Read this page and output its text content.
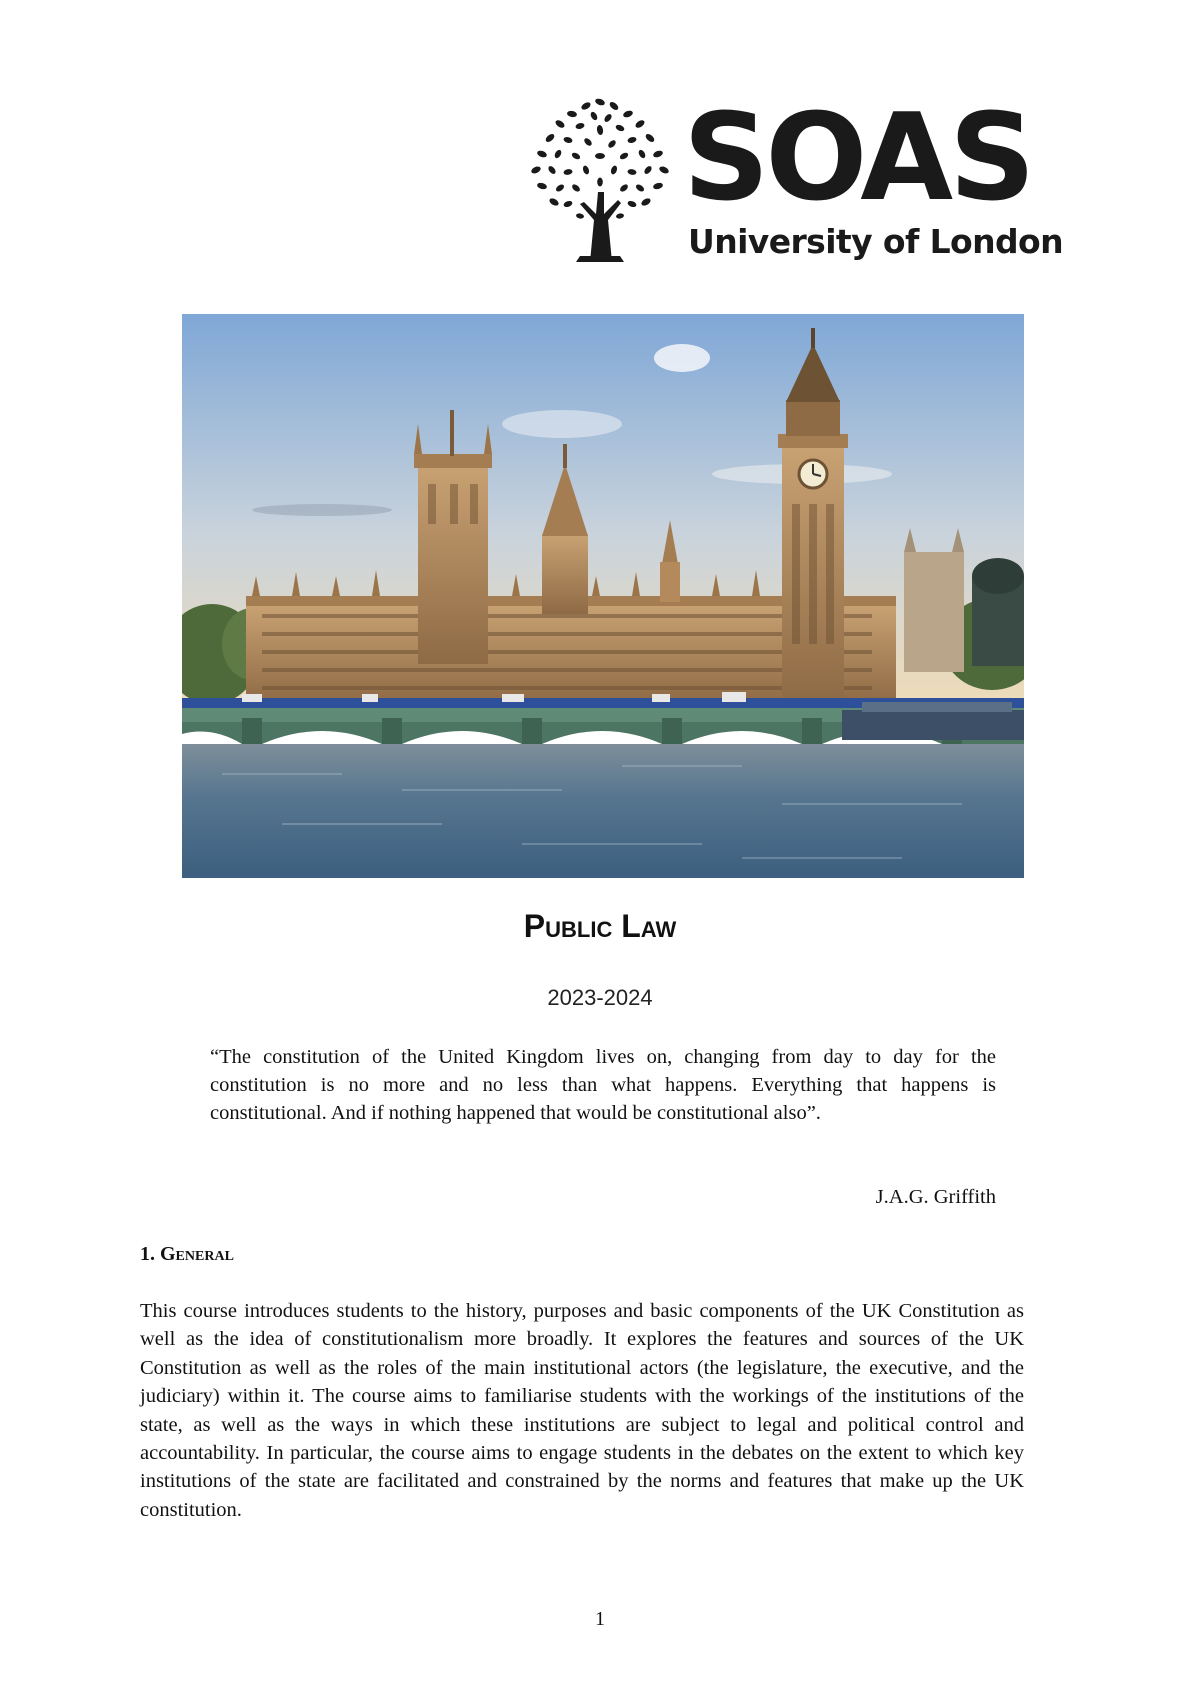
SOAS
University of London
Public Law
2023-2024

“The constitution of the United Kingdom lives on, changing from day to day for the constitution is no more and no less than what happens. Everything that happens is constitutional. And if nothing happened that would be constitutional also”.

J.A.G. Griffith
1. General

This course introduces students to the history, purposes and basic components of the UK Constitution as well as the idea of constitutionalism more broadly. It explores the features and sources of the UK Constitution as well as the roles of the main institutional actors (the legislature, the executive, and the judiciary) within it. The course aims to familiarise students with the workings of the institutions of the state, as well as the ways in which these institutions are subject to legal and political control and accountability. In particular, the course aims to engage students in the debates on the extent to which key institutions of the state are facilitated and constrained by the norms and features that make up the UK constitution.

1
